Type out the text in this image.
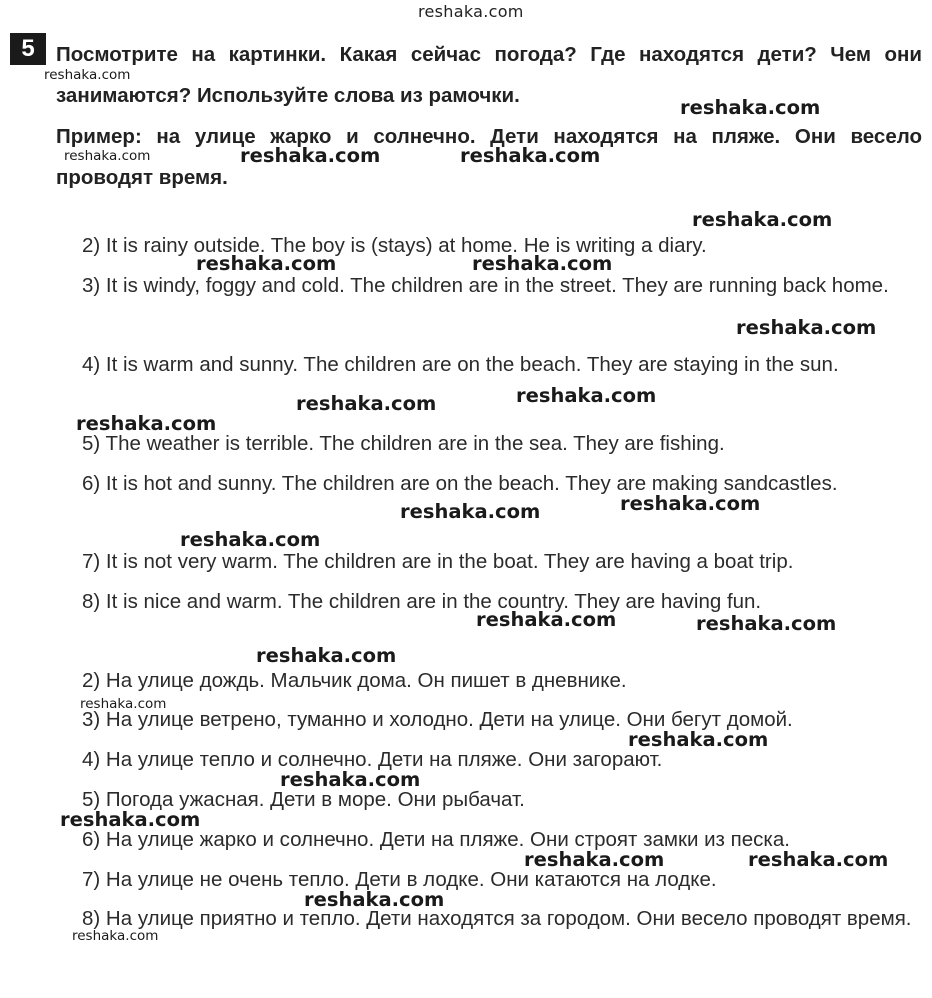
reshaka.com
5	Посмотрите на картинки. Какая сейчас погода? Где находятся дети? Чем они занимаются? Используйте слова из рамочки.

Пример: на улице жарко и солнечно. Дети находятся на пляже. Они весело проводят время.

2) It is rainy outside. The boy is (stays) at home. He is writing a diary.

3) It is windy, foggy and cold. The children are in the street. They are running back home.

4) It is warm and sunny. The children are on the beach. They are staying in the sun.

5) The weather is terrible. The children are in the sea. They are fishing.

6) It is hot and sunny. The children are on the beach. They are making sandcastles.

7) It is not very warm. The children are in the boat. They are having a boat trip.

8) It is nice and warm. The children are in the country. They are having fun.

2) На улице дождь. Мальчик дома. Он пишет в дневнике.

3) На улице ветрено, туманно и холодно. Дети на улице. Они бегут домой.

4) На улице тепло и солнечно. Дети на пляже. Они загорают.

5) Погода ужасная. Дети в море. Они рыбачат.

6) На улице жарко и солнечно. Дети на пляже. Они строят замки из песка.

7) На улице не очень тепло. Дети в лодке. Они катаются на лодке.

8) На улице приятно и тепло. Дети находятся за городом. Они весело проводят время.

reshaka.com
reshaka.com
reshaka.com	reshaka.com	reshaka.com
reshaka.com
reshaka.com	reshaka.com
reshaka.com
reshaka.com
reshaka.com
reshaka.com
reshaka.com
reshaka.com
reshaka.com
reshaka.com	reshaka.com
reshaka.com
reshaka.com
reshaka.com
reshaka.com
reshaka.com
reshaka.com	reshaka.com
reshaka.com
reshaka.com
